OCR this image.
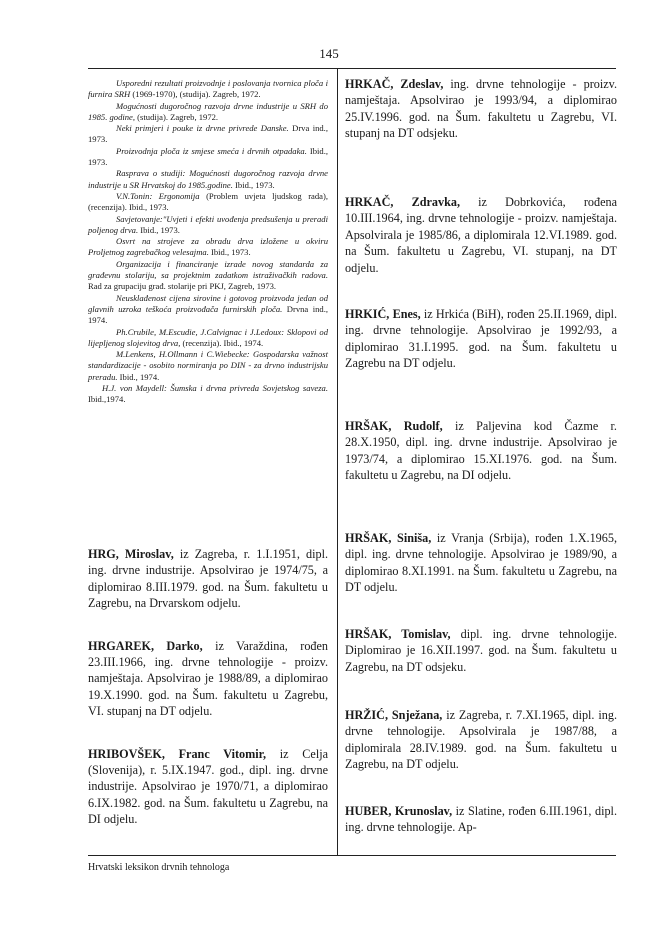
145

Usporedni rezultati proizvodnje i poslovanja tvornica ploča i furnira SRH (1969-1970), (studija). Zagreb, 1972.

Mogućnosti dugoročnog razvoja drvne industrije u SRH do 1985. godine, (studija). Zagreb, 1972.

Neki primjeri i pouke iz drvne privrede Danske. Drva ind., 1973.

Proizvodnja ploča iz smjese smeća i drvnih otpadaka. Ibid., 1973.

Rasprava o studiji: Mogućnosti dugoročnog razvoja drvne industrije u SR Hrvatskoj do 1985.godine. Ibid., 1973.

V.N.Tonin: Ergonomija (Problem uvjeta ljudskog rada),(recenzija). Ibid., 1973.

Savjetovanje:"Uvjeti i efekti uvođenja predsušenja u preradi poljenog drva. Ibid., 1973.

Osvrt na strojeve za obradu drva izložene u okviru Proljetnog zagrebačkog velesajma. Ibid., 1973.

Organizacija i financiranje izrade novog standarda za građevnu stolariju, sa projektnim zadatkom istraživačkih radova. Rad za grupaciju građ. stolarije pri PKJ, Zagreb, 1973.

Neusklađenost cijena sirovine i gotovog proizvoda jedan od glavnih uzroka teškoća proizvođača furnirskih ploča. Drvna ind., 1974.

Ph.Crubile, M.Escudie, J.Calvignac i J.Ledoux: Sklopovi od lijepljenog slojevitog drva, (recenzija). Ibid., 1974.

M.Lenkens, H.Ollmann i C.Wiebecke: Gospodarska važnost standardizacije - osobito normiranja po DIN - za drvno industrijsku preradu. Ibid., 1974.

H.J. von Maydell: Šumska i drvna privreda Sovjetskog saveza. Ibid.,1974.

HRG, Miroslav, iz Zagreba, r. 1.I.1951, dipl. ing. drvne industrije. Apsolvirao je 1974/75, a diplomirao 8.III.1979. god. na Šum. fakultetu u Zagrebu, na Drvarskom odjelu.

HRGAREK, Darko, iz Varaždina, rođen 23.III.1966, ing. drvne tehnologije - proizv. namještaja. Apsolvirao je 1988/89, a diplomirao 19.X.1990. god. na Šum. fakultetu u Zagrebu, VI. stupanj na DT odjelu.

HRIBOVŠEK, Franc Vitomir, iz Celja (Slovenija), r. 5.IX.1947. god., dipl. ing. drvne industrije. Apsolvirao je 1970/71, a diplomirao 6.IX.1982. god. na Šum. fakultetu u Zagrebu, na DI odjelu.

HRKAČ, Zdeslav, ing. drvne tehnologije - proizv. namještaja. Apsolvirao je 1993/94, a diplomirao 25.IV.1996. god. na Šum. fakultetu u Zagrebu, VI. stupanj na DT odsjeku.

HRKAČ, Zdravka, iz Dobrkovića, rođena 10.III.1964, ing. drvne tehnologije - proizv. namještaja. Apsolvirala je 1985/86, a diplomirala 12.VI.1989. god. na Šum. fakultetu u Zagrebu, VI. stupanj, na DT odjelu.

HRKIĆ, Enes, iz Hrkića (BiH), rođen 25.II.1969, dipl. ing. drvne tehnologije. Apsolvirao je 1992/93, a diplomirao 31.I.1995. god. na Šum. fakultetu u Zagrebu na DT odjelu.

HRŠAK, Rudolf, iz Paljevina kod Čazme r. 28.X.1950, dipl. ing. drvne industrije. Apsolvirao je 1973/74, a diplomirao 15.XI.1976. god. na Šum. fakultetu u Zagrebu, na DI odjelu.

HRŠAK, Siniša, iz Vranja (Srbija), rođen 1.X.1965, dipl. ing. drvne tehnologije. Apsolvirao je 1989/90, a diplomirao 8.XI.1991. na Šum. fakultetu u Zagrebu, na DT odjelu.

HRŠAK, Tomislav, dipl. ing. drvne tehnologije. Diplomirao je 16.XII.1997. god. na Šum. fakultetu u Zagrebu, na DT odsjeku.

HRŽIĆ, Snježana, iz Zagreba, r. 7.XI.1965, dipl. ing. drvne tehnologije. Apsolvirala je 1987/88, a diplomirala 28.IV.1989. god. na Šum. fakultetu u Zagrebu, na DT odjelu.

HUBER, Krunoslav, iz Slatine, rođen 6.III.1961, dipl. ing. drvne tehnologije. Ap-

Hrvatski leksikon drvnih tehnologa
